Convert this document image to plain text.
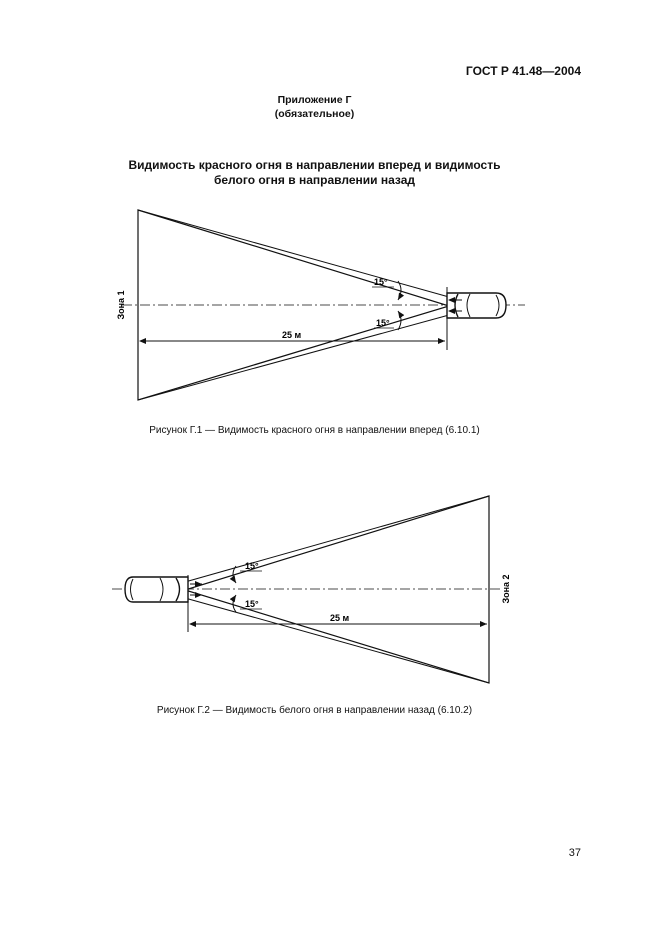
ГОСТ Р 41.48—2004
Приложение Г
(обязательное)
Видимость красного огня в направлении вперед и видимость
белого огня в направлении назад
15°
15°
25 м
Зона 1
Рисунок Г.1 — Видимость красного огня в направлении вперед (6.10.1)
15°
15°
25 м
Зона 2
Рисунок Г.2 — Видимость белого огня в направлении назад (6.10.2)
37
